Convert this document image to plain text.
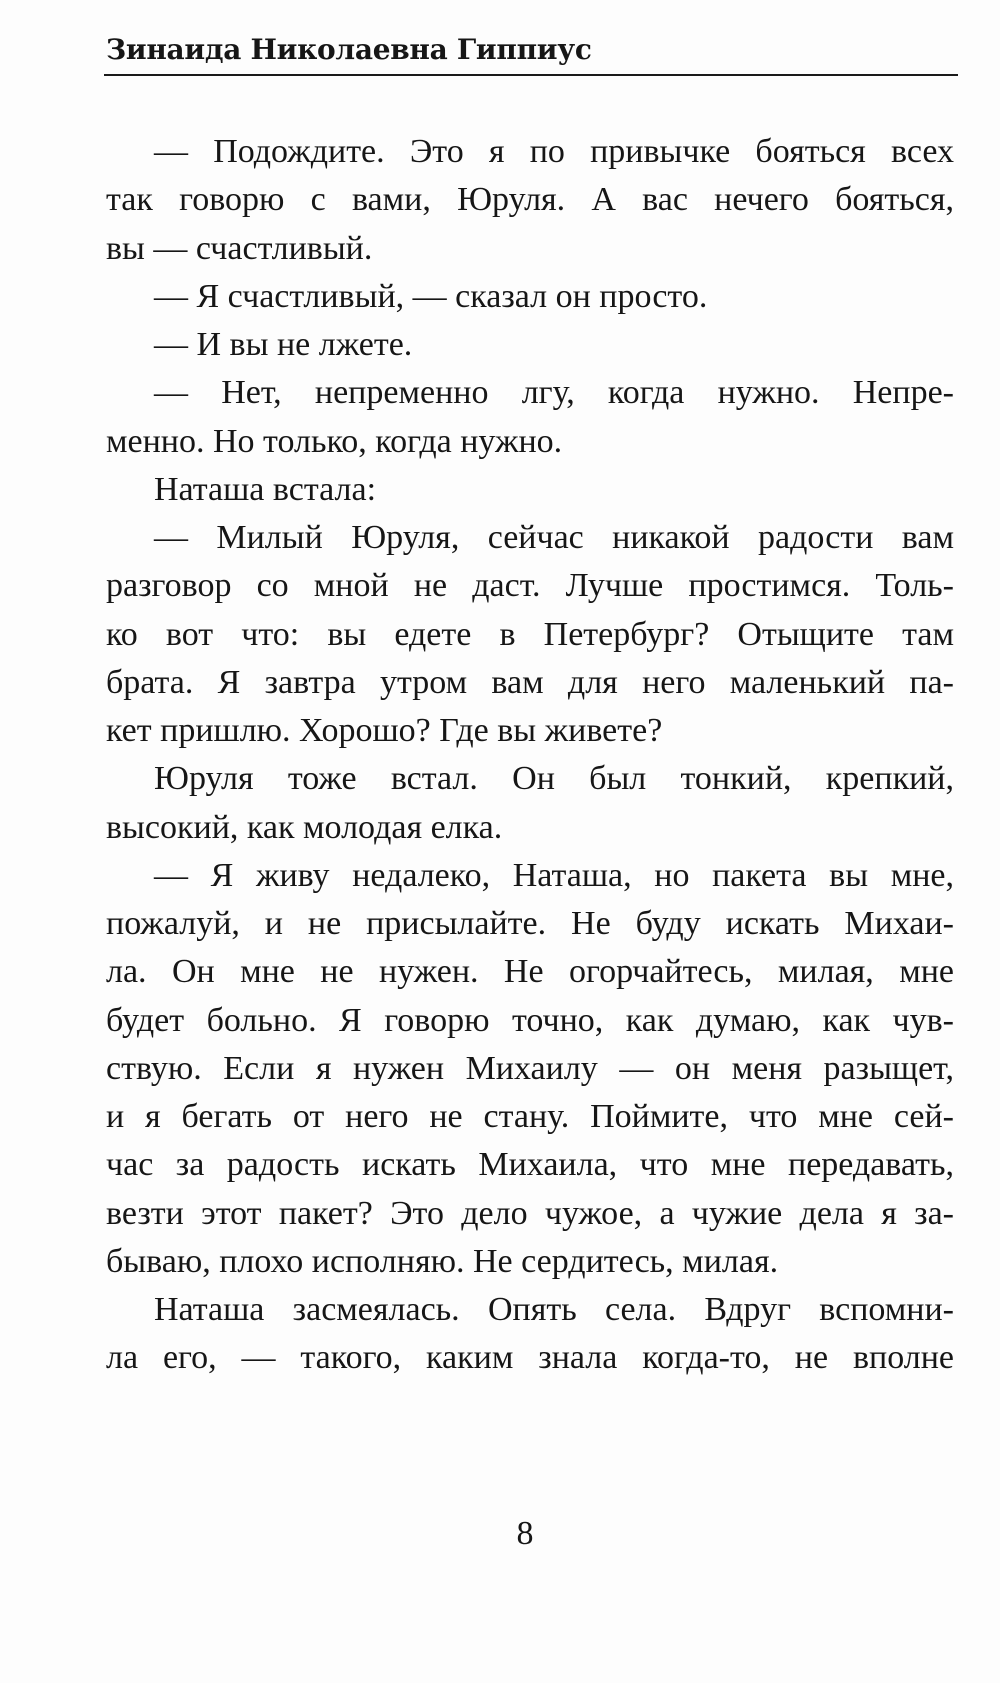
Зинаида Николаевна Гиппиус
— Подождите. Это я по привычке бояться всех
так говорю с вами, Юруля. А вас нечего бояться,
вы — счастливый.
— Я счастливый, — сказал он просто.
— И вы не лжете.
— Нет, непременно лгу, когда нужно. Непре-
менно. Но только, когда нужно.
Наташа встала:
— Милый Юруля, сейчас никакой радости вам
разговор со мной не даст. Лучше простимся. Толь-
ко вот что: вы едете в Петербург? Отыщите там
брата. Я завтра утром вам для него маленький па-
кет пришлю. Хорошо? Где вы живете?
Юруля тоже встал. Он был тонкий, крепкий,
высокий, как молодая елка.
— Я живу недалеко, Наташа, но пакета вы мне,
пожалуй, и не присылайте. Не буду искать Михаи-
ла. Он мне не нужен. Не огорчайтесь, милая, мне
будет больно. Я говорю точно, как думаю, как чув-
ствую. Если я нужен Михаилу — он меня разыщет,
и я бегать от него не стану. Поймите, что мне сей-
час за радость искать Михаила, что мне передавать,
везти этот пакет? Это дело чужое, а чужие дела я за-
бываю, плохо исполняю. Не сердитесь, милая.
Наташа засмеялась. Опять села. Вдруг вспомни-
ла его, — такого, каким знала когда-то, не вполне
8
